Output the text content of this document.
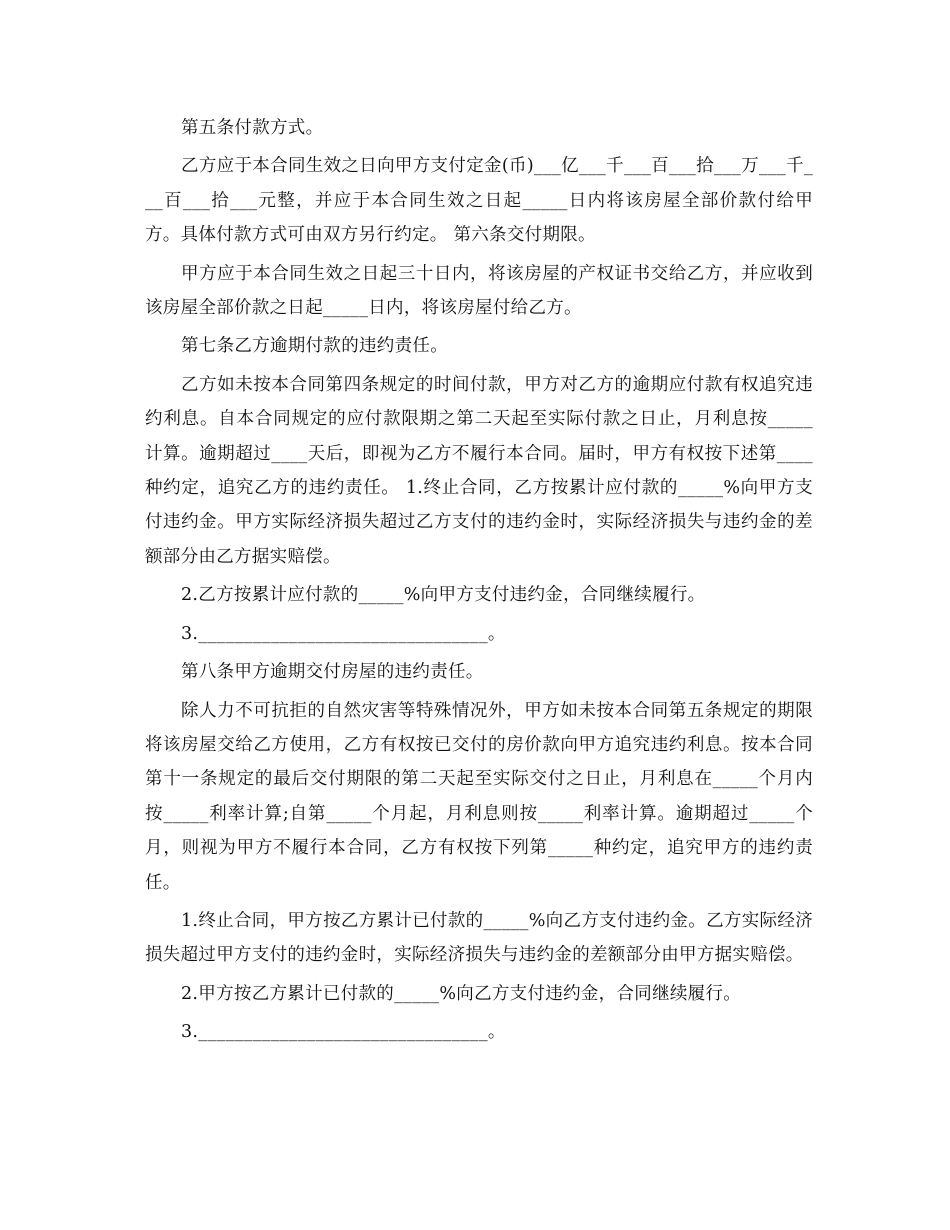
第五条付款方式。

乙方应于本合同生效之日向甲方支付定金(币)___亿___千___百___拾___万___千___百___拾___元整，并应于本合同生效之日起_____日内将该房屋全部价款付给甲方。具体付款方式可由双方另行约定。 第六条交付期限。

甲方应于本合同生效之日起三十日内，将该房屋的产权证书交给乙方，并应收到该房屋全部价款之日起_____日内，将该房屋付给乙方。

第七条乙方逾期付款的违约责任。

乙方如未按本合同第四条规定的时间付款，甲方对乙方的逾期应付款有权追究违约利息。自本合同规定的应付款限期之第二天起至实际付款之日止，月利息按_____计算。逾期超过____天后，即视为乙方不履行本合同。届时，甲方有权按下述第____种约定，追究乙方的违约责任。 1.终止合同，乙方按累计应付款的_____%向甲方支付违约金。甲方实际经济损失超过乙方支付的违约金时，实际经济损失与违约金的差额部分由乙方据实赔偿。

2.乙方按累计应付款的_____%向甲方支付违约金，合同继续履行。

3.________________________________。

第八条甲方逾期交付房屋的违约责任。

除人力不可抗拒的自然灾害等特殊情况外，甲方如未按本合同第五条规定的期限将该房屋交给乙方使用，乙方有权按已交付的房价款向甲方追究违约利息。按本合同第十一条规定的最后交付期限的第二天起至实际交付之日止，月利息在_____个月内按_____利率计算;自第_____个月起，月利息则按_____利率计算。逾期超过_____个月，则视为甲方不履行本合同，乙方有权按下列第_____种约定，追究甲方的违约责任。

1.终止合同，甲方按乙方累计已付款的_____%向乙方支付违约金。乙方实际经济损失超过甲方支付的违约金时，实际经济损失与违约金的差额部分由甲方据实赔偿。

2.甲方按乙方累计已付款的_____%向乙方支付违约金，合同继续履行。

3.________________________________。
